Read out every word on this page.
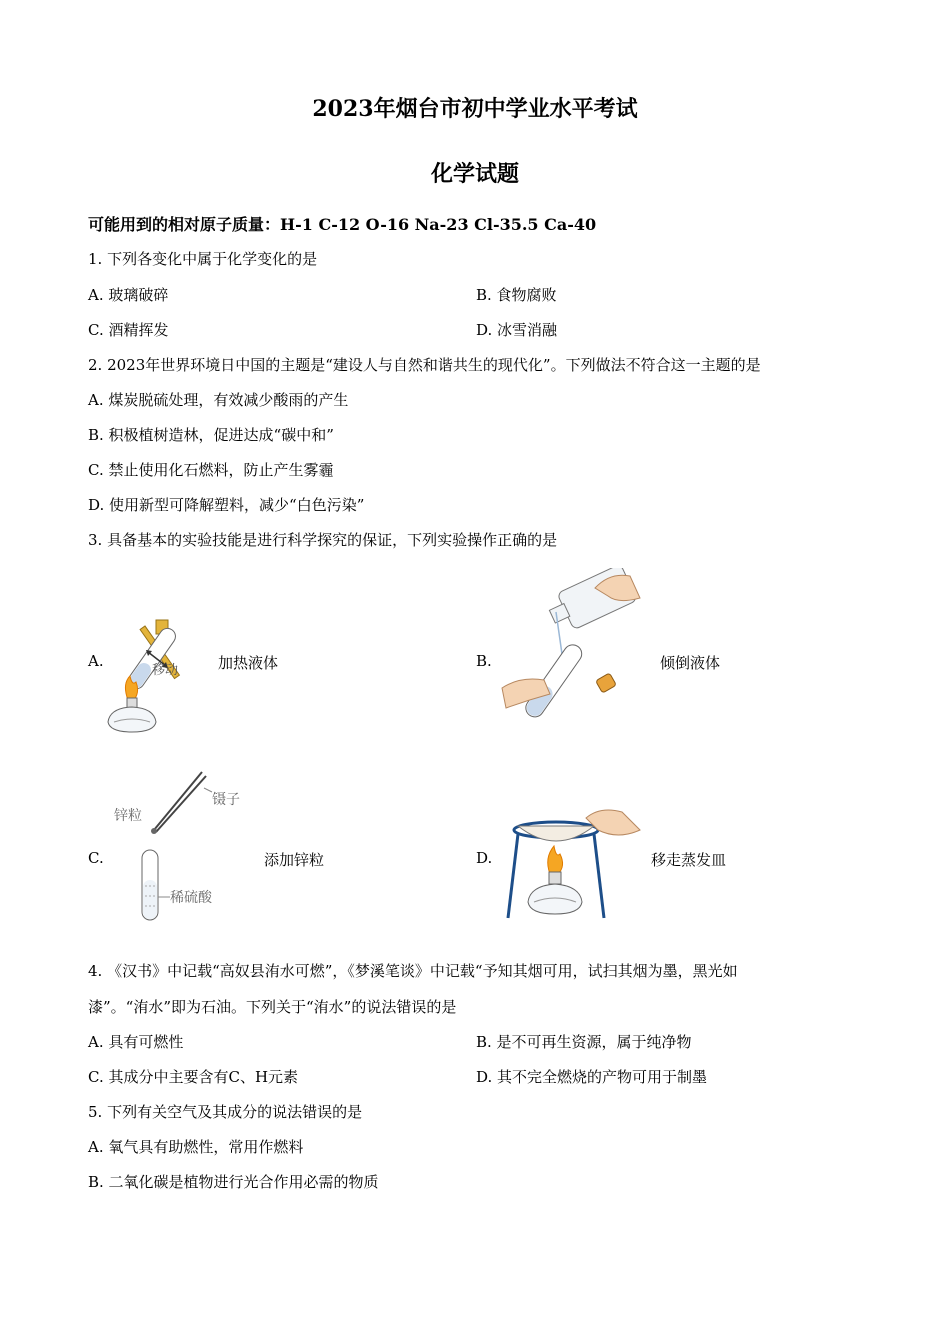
2023年烟台市初中学业水平考试
化学试题
可能用到的相对原子质量：H-1 C-12 O-16 Na-23 Cl-35.5 Ca-40
1. 下列各变化中属于化学变化的是
A. 玻璃破碎	B. 食物腐败
C. 酒精挥发	D. 冰雪消融
2. 2023年世界环境日中国的主题是“建设人与自然和谐共生的现代化”。下列做法不符合这一主题的是
A. 煤炭脱硫处理，有效减少酸雨的产生
B. 积极植树造林，促进达成“碳中和”
C. 禁止使用化石燃料，防止产生雾霾
D. 使用新型可降解塑料，减少“白色污染”
3. 具备基本的实验技能是进行科学探究的保证，下列实验操作正确的是
A.
移动	加热液体	B.	倾倒液体
C.
锌粒
镊子
稀硫酸
添加锌粒	D.	移走蒸发皿
4. 《汉书》中记载“高奴县洧水可燃”，《梦溪笔谈》中记载“予知其烟可用，试扫其烟为墨，黑光如
漆”。“洧水”即为石油。下列关于“洧水”的说法错误的是
A. 具有可燃性	B. 是不可再生资源，属于纯净物
C. 其成分中主要含有C、H元素	D. 其不完全燃烧的产物可用于制墨
5. 下列有关空气及其成分的说法错误的是
A. 氧气具有助燃性，常用作燃料
B. 二氧化碳是植物进行光合作用必需的物质
